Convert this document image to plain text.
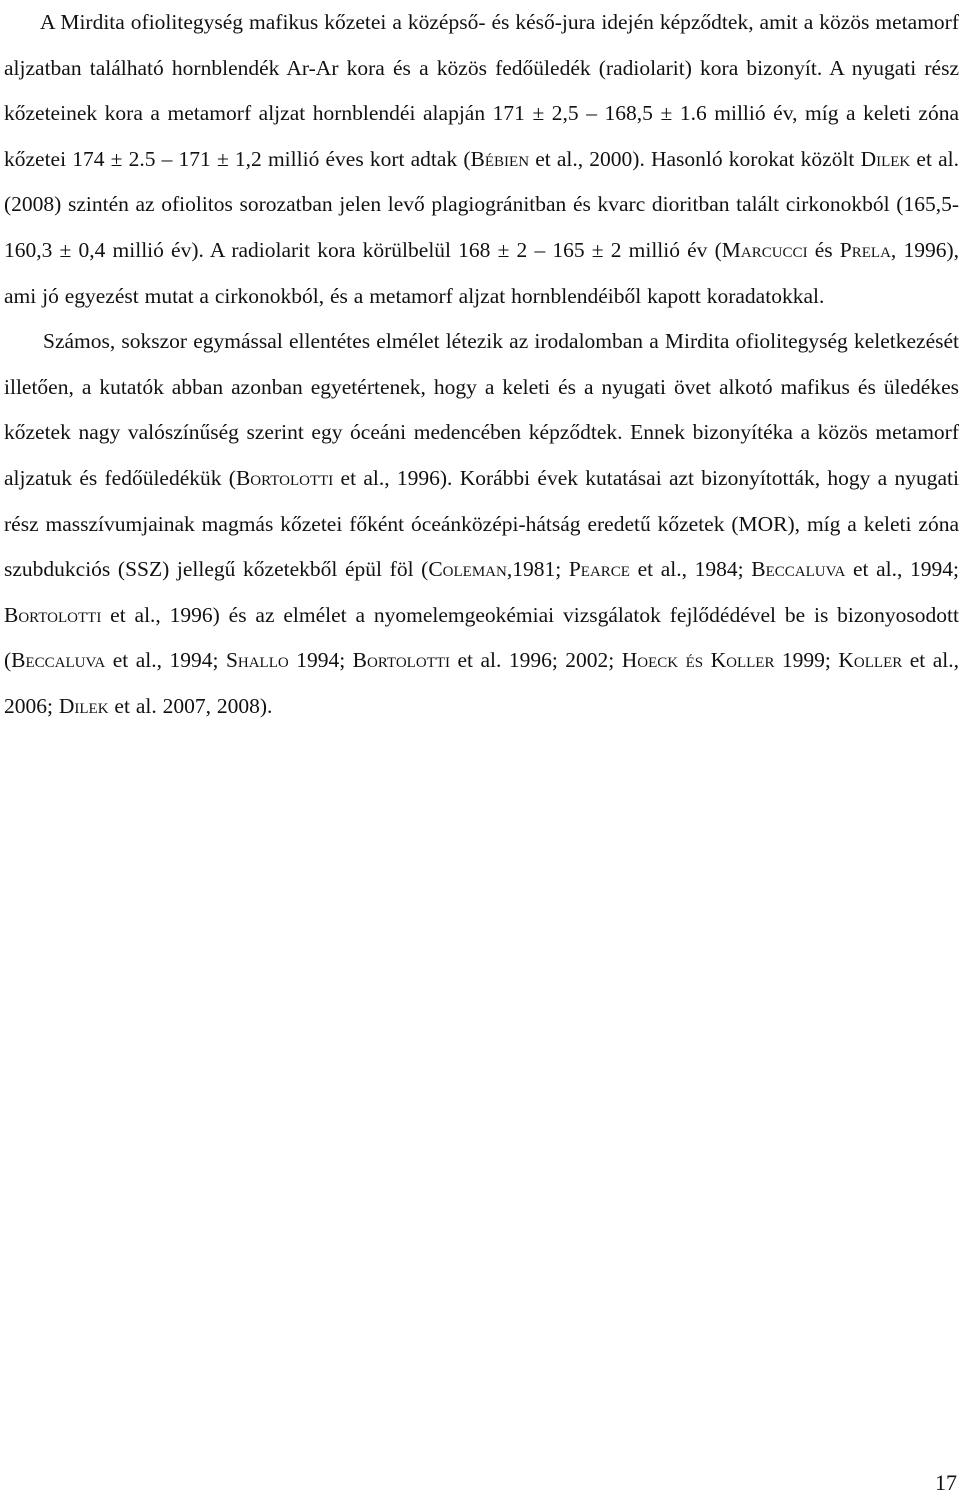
A Mirdita ofiolitegység mafikus kőzetei a középső- és késő-jura idején képződtek, amit a közös metamorf aljzatban található hornblendék Ar-Ar kora és a közös fedőüledék (radiolarit) kora bizonyít. A nyugati rész kőzeteinek kora a metamorf aljzat hornblendéi alapján 171 ± 2,5 – 168,5 ± 1.6 millió év, míg a keleti zóna kőzetei 174 ± 2.5 – 171 ± 1,2 millió éves kort adtak (Bébien et al., 2000). Hasonló korokat közölt Dilek et al. (2008) szintén az ofiolitos sorozatban jelen levő plagiogránitban és kvarc dioritban talált cirkonokból (165,5-160,3 ± 0,4 millió év). A radiolarit kora körülbelül 168 ± 2 – 165 ± 2 millió év (Marcucci és Prela, 1996), ami jó egyezést mutat a cirkonokból, és a metamorf aljzat hornblendéiből kapott koradatokkal.

Számos, sokszor egymással ellentétes elmélet létezik az irodalomban a Mirdita ofiolitegység keletkezését illetően, a kutatók abban azonban egyetértenek, hogy a keleti és a nyugati övet alkotó mafikus és üledékes kőzetek nagy valószínűség szerint egy óceáni medencében képződtek. Ennek bizonyítéka a közös metamorf aljzatuk és fedőüledékük (Bortolotti et al., 1996). Korábbi évek kutatásai azt bizonyították, hogy a nyugati rész masszívumjainak magmás kőzetei főként óceánközépi-hátság eredetű kőzetek (MOR), míg a keleti zóna szubdukciós (SSZ) jellegű kőzetekből épül föl (Coleman,1981; Pearce et al., 1984; Beccaluva et al., 1994; Bortolotti et al., 1996) és az elmélet a nyomelemgeokémiai vizsgálatok fejlődédével be is bizonyosodott (Beccaluva et al., 1994; Shallo 1994; Bortolotti et al. 1996; 2002; Hoeck és Koller 1999; Koller et al., 2006; Dilek et al. 2007, 2008).

17
